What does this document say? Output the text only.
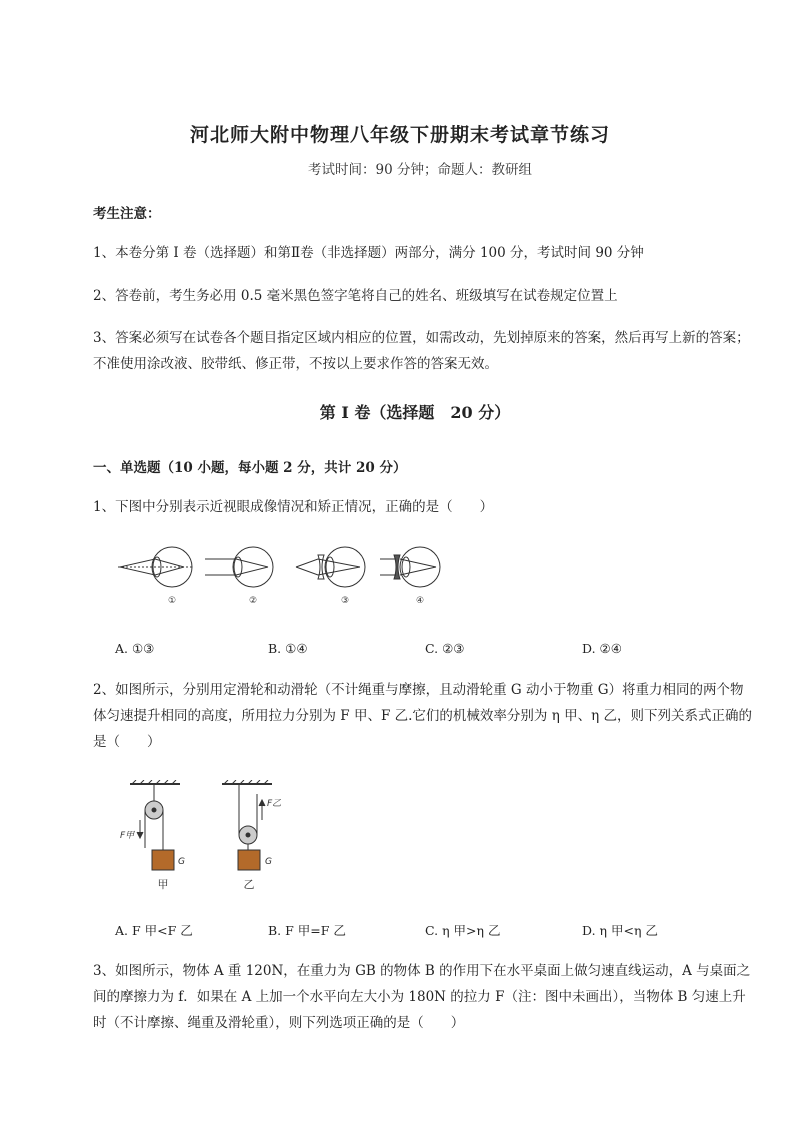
河北师大附中物理八年级下册期末考试章节练习
考试时间：90 分钟；命题人：教研组
考生注意：
1、本卷分第 I 卷（选择题）和第Ⅱ卷（非选择题）两部分，满分 100 分，考试时间 90 分钟
2、答卷前，考生务必用 0.5 毫米黑色签字笔将自己的姓名、班级填写在试卷规定位置上
3、答案必须写在试卷各个题目指定区域内相应的位置，如需改动，先划掉原来的答案，然后再写上新的答案；不准使用涂改液、胶带纸、修正带，不按以上要求作答的答案无效。
第 I 卷（选择题　20 分）
一、单选题（10 小题，每小题 2 分，共计 20 分）
1、下图中分别表示近视眼成像情况和矫正情况，正确的是（　　）
①	②	③	④
A. ①③	B. ①④	C. ②③	D. ②④
2、如图所示，分别用定滑轮和动滑轮（不计绳重与摩擦，且动滑轮重 G 动小于物重 G）将重力相同的两个物体匀速提升相同的高度，所用拉力分别为 F 甲、F 乙.它们的机械效率分别为 η 甲、η 乙，则下列关系式正确的是（　　）
F甲
F乙
G	G
甲	乙
A. F 甲<F 乙	B. F 甲=F 乙	C. η 甲>η 乙	D. η 甲<η 乙
3、如图所示，物体 A 重 120N，在重力为 GB 的物体 B 的作用下在水平桌面上做匀速直线运动，A 与桌面之间的摩擦力为 f．如果在 A 上加一个水平向左大小为 180N 的拉力 F（注：图中未画出），当物体 B 匀速上升时（不计摩擦、绳重及滑轮重），则下列选项正确的是（　　）
